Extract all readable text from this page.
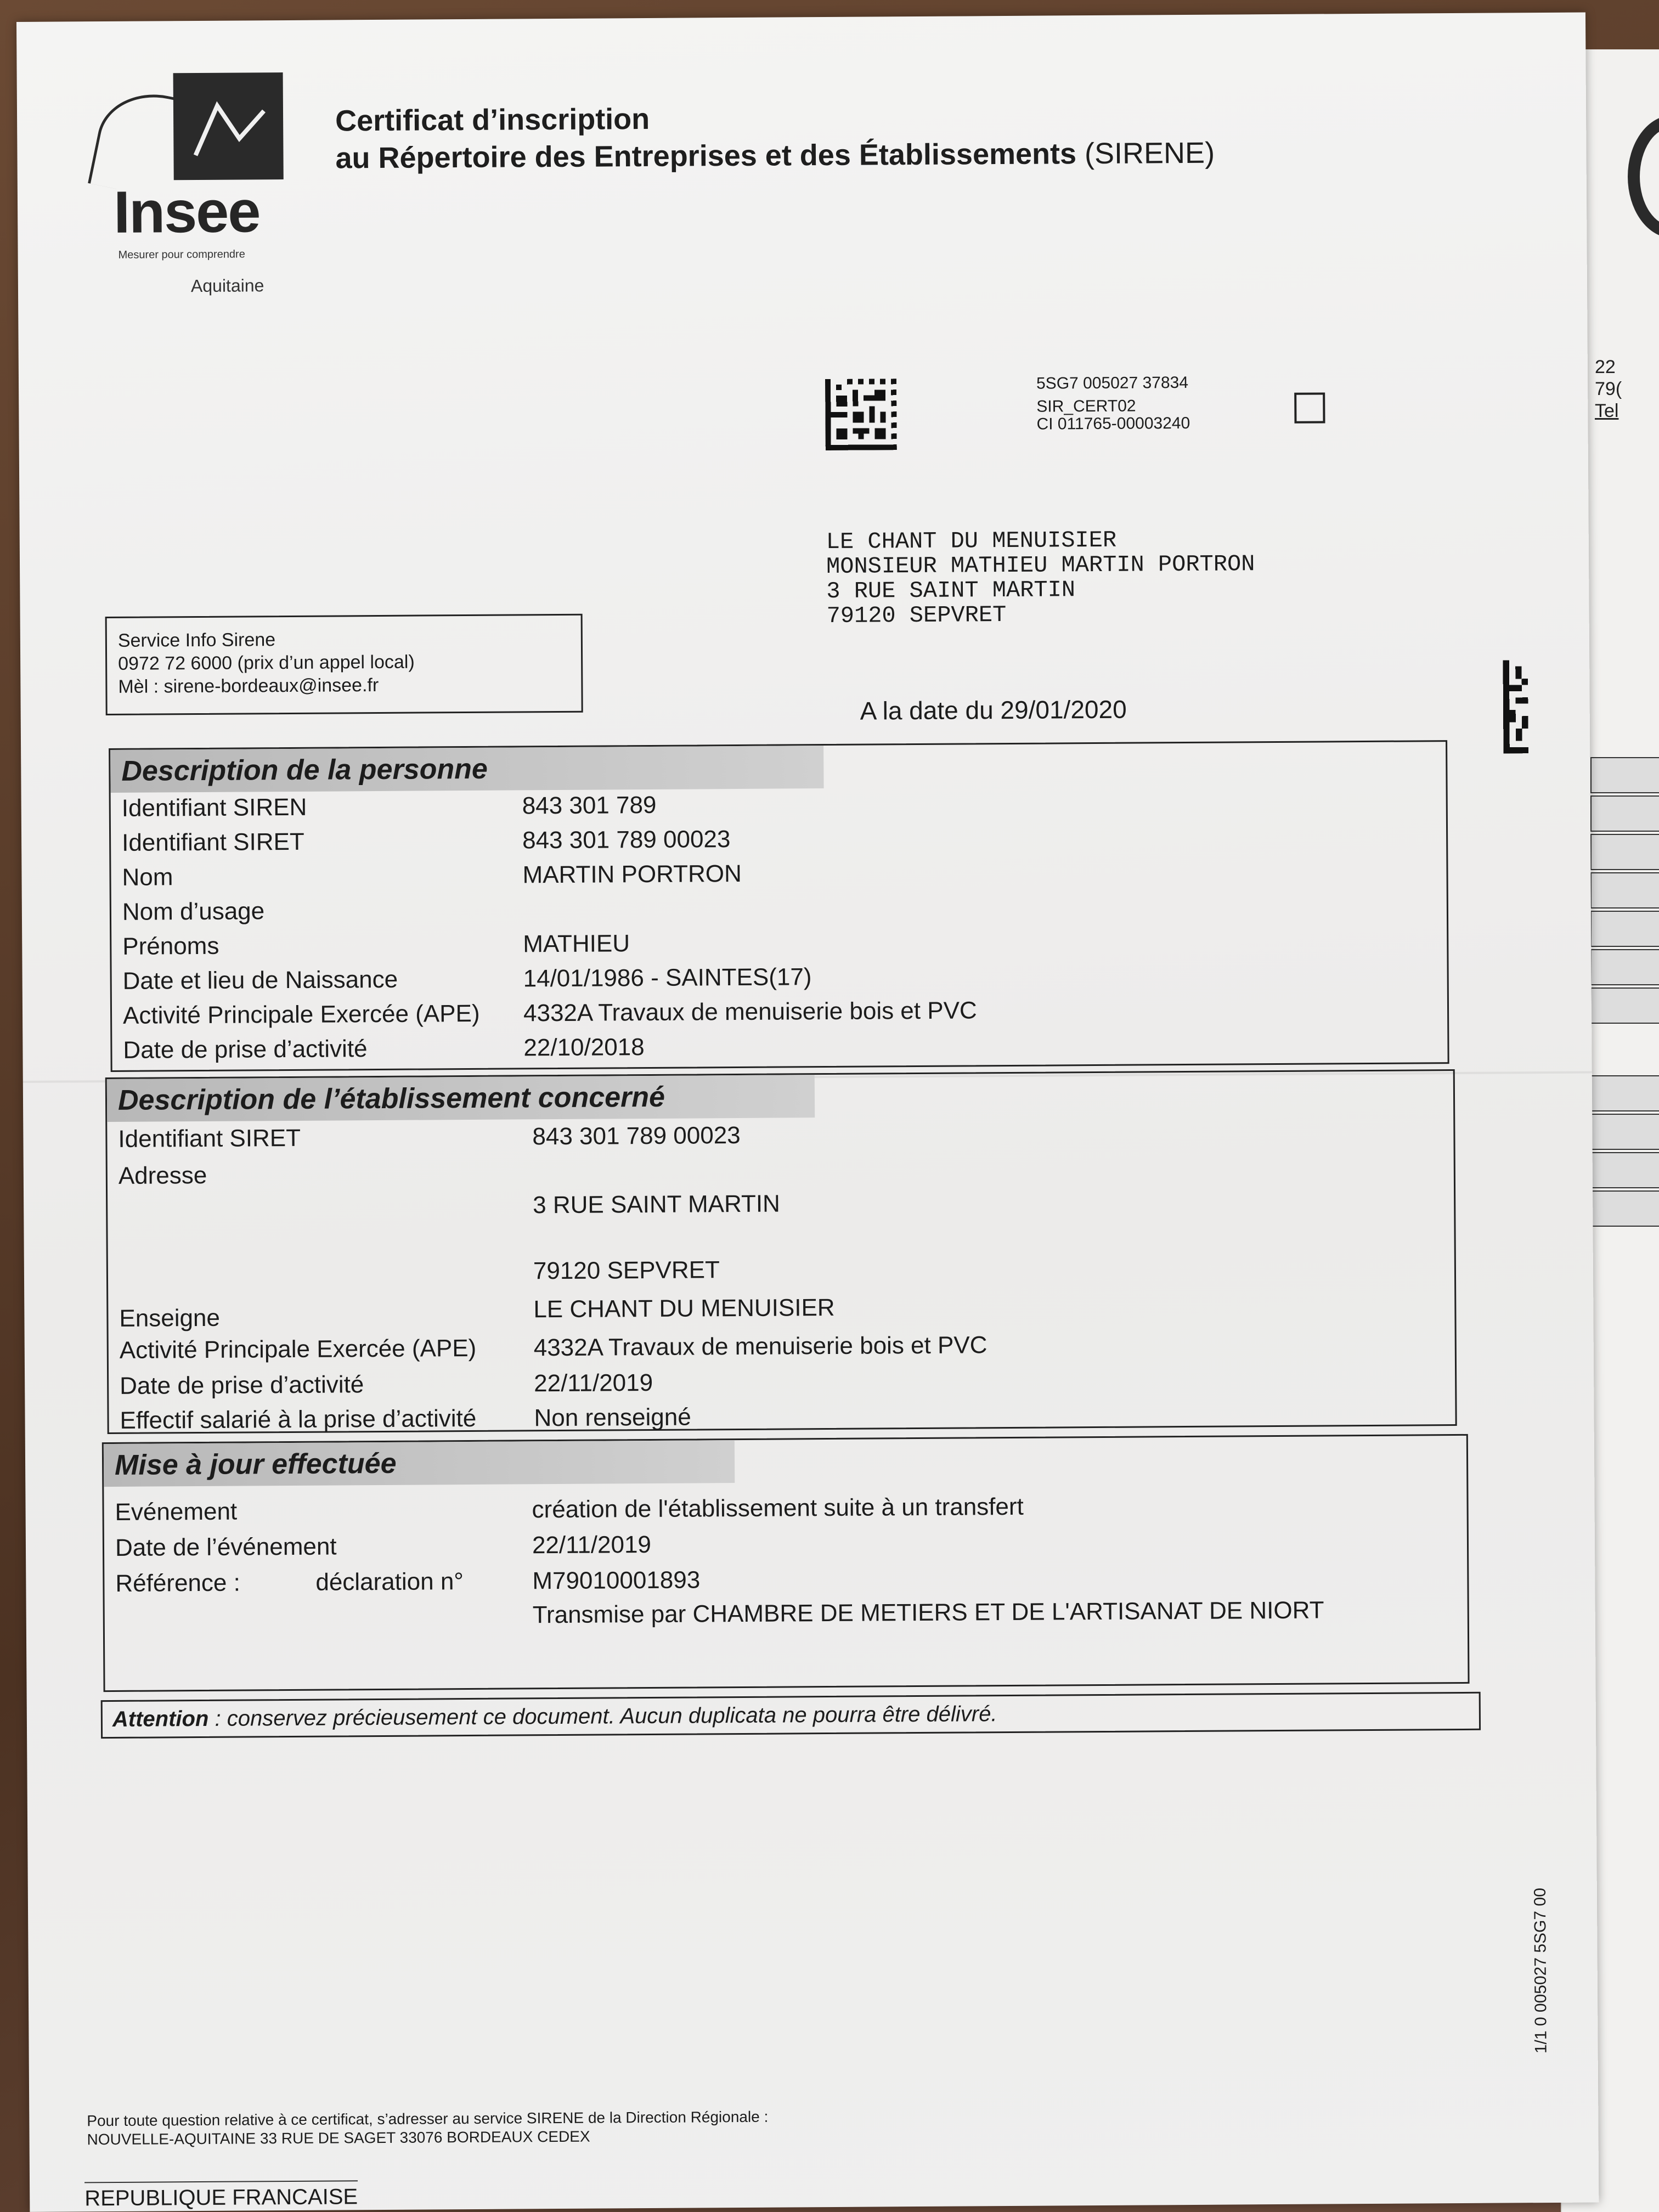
22
79(
Tel
Insee
Mesurer pour comprendre
Aquitaine
Certificat d’inscription
au Répertoire des Entreprises et des Établissements (SIRENE)
5SG7 005027 37834
SIR_CERT02
CI 011765-00003240
LE CHANT DU MENUISIER
MONSIEUR MATHIEU MARTIN PORTRON
3 RUE SAINT MARTIN
79120 SEPVRET
Service Info Sirene
0972 72 6000 (prix d’un appel local)
Mèl : sirene-bordeaux@insee.fr
A la date du 29/01/2020
Description de la personne
Identifiant SIREN	843 301 789
Identifiant SIRET	843 301 789 00023
Nom	MARTIN PORTRON
Nom d’usage
Prénoms	MATHIEU
Date et lieu de Naissance	14/01/1986 - SAINTES(17)
Activité Principale Exercée (APE) 4332A Travaux de menuiserie bois et PVC
Date de prise d’activité	22/10/2018
Description de l’établissement concerné
Identifiant SIRET	843 301 789 00023
Adresse
3 RUE SAINT MARTIN
79120 SEPVRET
Enseigne	LE CHANT DU MENUISIER
Activité Principale Exercée (APE) 4332A Travaux de menuiserie bois et PVC
Date de prise d’activité	22/11/2019
Effectif salarié à la prise d’activité Non renseigné
Mise à jour effectuée
Evénement	création de l'établissement suite à un transfert
Date de l’événement	22/11/2019
Référence :	déclaration n°	M79010001893
Transmise par CHAMBRE DE METIERS ET DE L'ARTISANAT DE NIORT
Attention : conservez précieusement ce document. Aucun duplicata ne pourra être délivré.
1/1 0 005027 5SG7 00
Pour toute question relative à ce certificat, s’adresser au service SIRENE de la Direction Régionale :
NOUVELLE-AQUITAINE 33 RUE DE SAGET 33076 BORDEAUX CEDEX
REPUBLIQUE FRANCAISE
